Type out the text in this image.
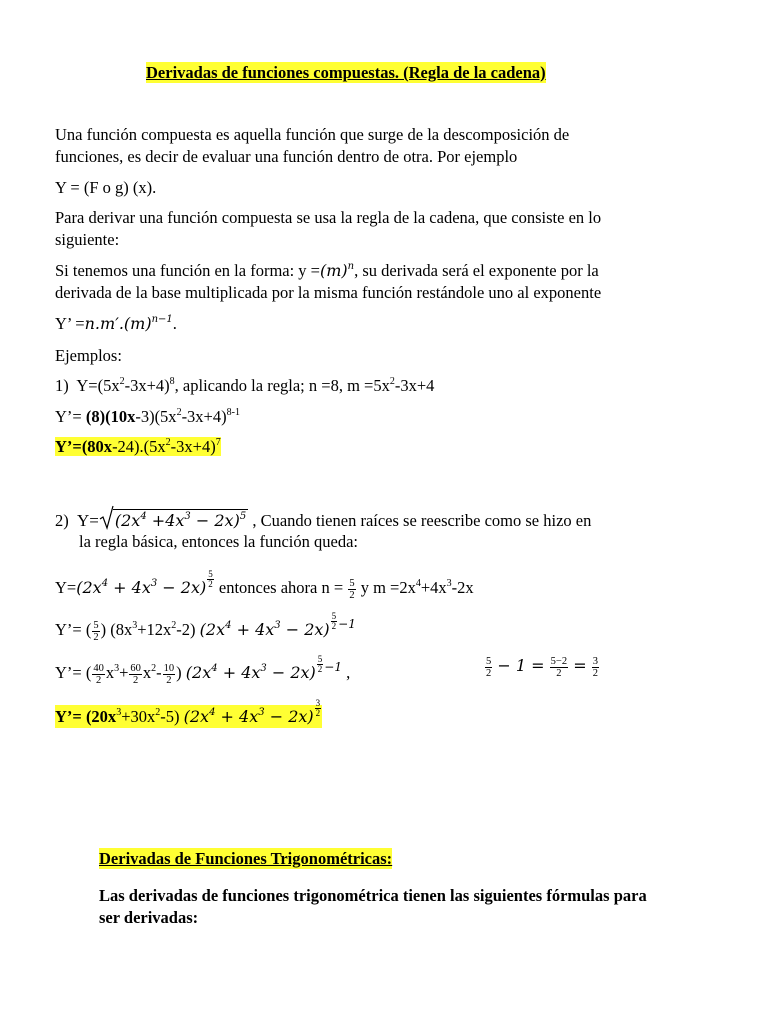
Derivadas de funciones compuestas. (Regla de la cadena)
Una función compuesta es aquella función que surge de la descomposición de
funciones, es decir de evaluar una función dentro de otra. Por ejemplo
Y = (F o g) (x).
Para derivar una función compuesta se usa la regla de la cadena, que consiste en lo
siguiente:
Si tenemos una función en la forma: $y =(m)^n$, su derivada será el exponente por la
derivada de la base multiplicada por la misma función restándole uno al exponente
Y’ $=n.m'.(m)^{n-1}$.
Ejemplos:
1) $Y=(5x^2-3x+4)^8$, aplicando la regla; n =8, $m =5x^2-3x+4$
Y’= $(8)(10x-3)(5x^2-3x+4)^{8-1}$
$Y’=(80x-24).(5x^2-3x+4)^7$
2) $Y= (2x^4 +4x^3 - 2x)^5$ , Cuando tienen raíces se reescribe como se hizo en
la regla básica, entonces la función queda:
$Y=(2x^4 + 4x^3 - 2x) \frac{5}{2}$ entonces ahora $n = \frac{5}{2}$ y $m =2x^4+4x^3-2x$
Y’= ( $\frac{5}{2}$ ) $(8x^3+12x^2-2) (2x^4 + 4x^3 - 2x) \frac{5}{2} ^{-1}$
Y’= ( $\frac{40}{2} x^3+ \frac{60}{2} x^2- \frac{10}{2}$ ) $(2x^4 + 4x^3 - 2x) \frac{5}{2} ^{-1}$ ,	$\frac{5}{2} - 1 = \frac{5-2}{2} = \frac{3}{2}$
Y’= $(20x^3+30x^2-5) (2x^4 + 4x^3 - 2x) \frac{3}{2}$
Derivadas de Funciones Trigonométricas:
Las derivadas de funciones trigonométrica tienen las siguientes fórmulas para
ser derivadas:
